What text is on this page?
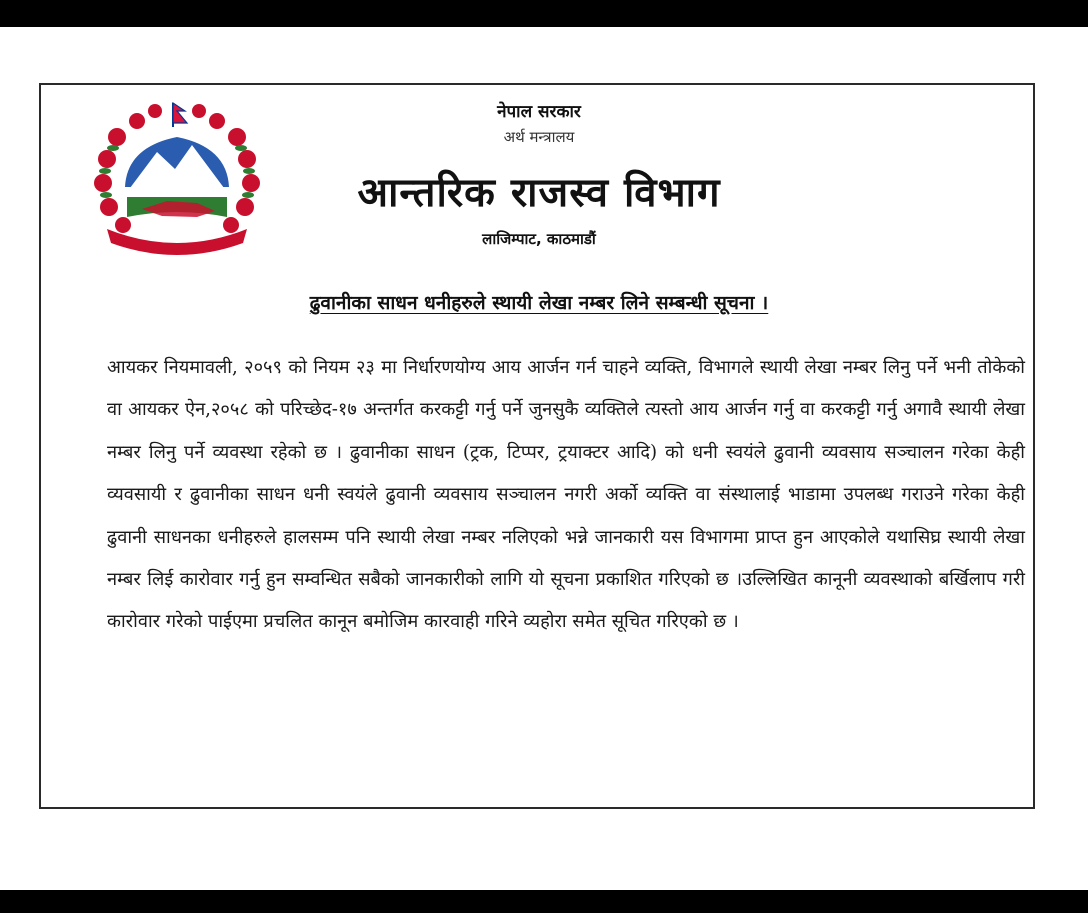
नेपाल सरकार
अर्थ मन्त्रालय
आन्तरिक राजस्व विभाग
लाजिम्पाट, काठमाडौं
ढुवानीका साधन धनीहरुले स्थायी लेखा नम्बर लिने सम्बन्धी सूचना ।
आयकर नियमावली, २०५९ को नियम २३ मा निर्धारणयोग्य आय आर्जन गर्न चाहने व्यक्ति, विभागले स्थायी लेखा नम्बर लिनु पर्ने भनी तोकेको वा आयकर ऐन,२०५८ को परिच्छेद-१७ अन्तर्गत करकट्टी गर्नु पर्ने जुनसुकै व्यक्तिले त्यस्तो आय आर्जन गर्नु वा करकट्टी गर्नु अगावै स्थायी लेखा नम्बर लिनु पर्ने व्यवस्था रहेको छ । ढुवानीका साधन (ट्रक, टिप्पर, ट्रयाक्टर आदि) को धनी स्वयंले ढुवानी व्यवसाय सञ्चालन गरेका केही व्यवसायी र ढुवानीका साधन धनी स्वयंले ढुवानी व्यवसाय सञ्चालन नगरी अर्को व्यक्ति वा संस्थालाई भाडामा उपलब्ध गराउने गरेका केही ढुवानी साधनका धनीहरुले हालसम्म पनि स्थायी लेखा नम्बर नलिएको भन्ने जानकारी यस विभागमा प्राप्त हुन आएकोले यथासिघ्र स्थायी लेखा नम्बर लिई कारोवार गर्नु हुन सम्वन्धित सबैको जानकारीको लागि यो सूचना प्रकाशित गरिएको छ ।उल्लिखित कानूनी व्यवस्थाको बर्खिलाप गरी कारोवार गरेको पाईएमा प्रचलित कानून बमोजिम कारवाही गरिने व्यहोरा समेत सूचित गरिएको छ ।
